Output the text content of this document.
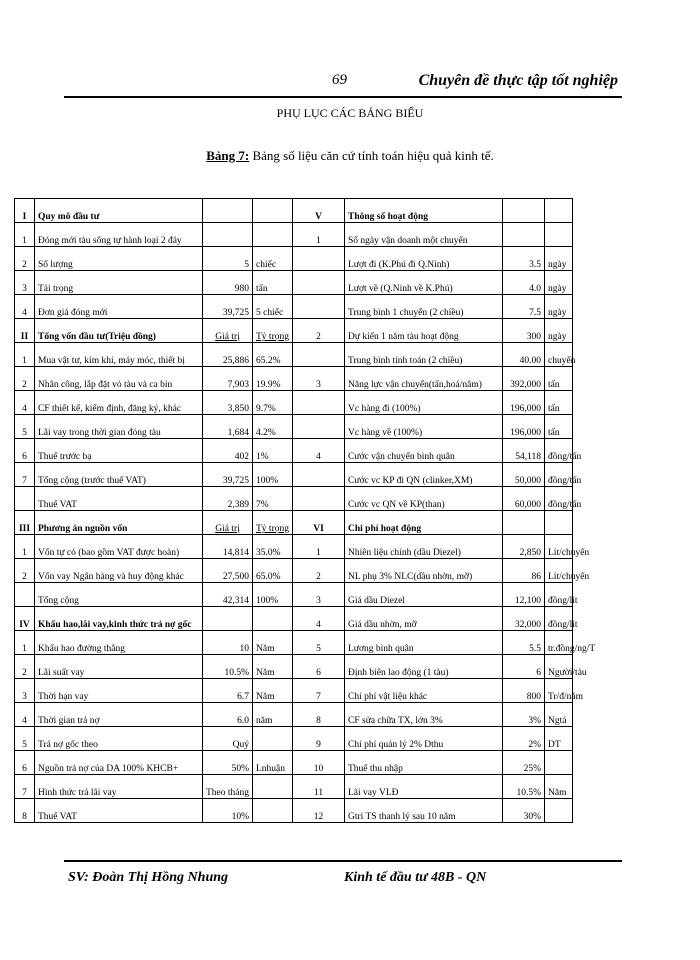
69	Chuyên đề thực tập tốt nghiệp
PHỤ LỤC CÁC BẢNG BIỂU
Bảng 7: Bảng số liệu căn cứ tính toán hiệu quả kinh tế.
I	Quy mô đầu tư			V	Thông số hoạt động		
1	Đóng mới tàu sông tự hành loại 2 đáy			1	Số ngày vận doanh một chuyến		
2	Số lượng	5	chiếc		Lượt đi (K.Phú đi Q.Ninh)	3.5	ngày
3	Tải trọng	980	tấn		Lượt về (Q.Ninh về K.Phú)	4.0	ngày
4	Đơn giá đóng mới	39,725	5 chiếc		Trung bình 1 chuyến (2 chiều)	7.5	ngày
II	Tổng vốn đầu tư(Triệu đồng)	Giá trị	Tỷ trọng	2	Dự kiến 1 năm tàu hoạt động	300	ngày
1	Mua vật tư, kim khí, máy móc, thiết bị	25,886	65.2%		Trung bình tính toán (2 chiều)	40.00	chuyến
2	Nhân công, lắp đặt vỏ tàu và ca bin	7,903	19.9%	3	Năng lực vận chuyển(tấn,hoá/năm)	392,000	tấn
4	CF thiết kế, kiểm định, đăng ký, khác	3,850	9.7%		Vc hàng đi (100%)	196,000	tấn
5	Lãi vay trong thời gian đóng tàu	1,684	4.2%		Vc hàng về (100%)	196,000	tấn
6	Thuế trước bạ	402	1%	4	Cước vận chuyển bình quân	54,118	đồng/tấn
7	Tổng cộng (trước thuế VAT)	39,725	100%		Cước vc KP đi QN (clinker,XM)	50,000	đồng/tấn
	Thuế VAT	2,389	7%		Cước vc QN về KP(than)	60,000	đồng/tấn
III	Phương án nguồn vốn	Giá trị	Tỷ trọng	VI	Chi phí hoạt động		
1	Vốn tự có (bao gồm VAT được hoàn)	14,814	35.0%	1	Nhiên liệu chính (dầu Diezel)	2,850	Lít/chuyến
2	Vốn vay Ngân hàng và huy động khác	27,500	65.0%	2	NL phụ 3% NLC(dầu nhờn, mỡ)	86	Lít/chuyến
	Tổng cộng	42,314	100%	3	Giá dầu Diezel	12,100	đồng/lít
IV	Khấu hao,lãi vay,kinh thức trả nợ gốc			4	Giá dầu nhờn, mỡ	32,000	đồng/lít
1	Khấu hao đường thẳng	10	Năm	5	Lương bình quân	5.5	tr.đồng/ng/T
2	Lãi suất vay	10.5%	Năm	6	Định biên lao động (1 tàu)	6	Người/tàu
3	Thời hạn vay	6.7	Năm	7	Chi phí vật liệu khác	800	Tr/đ/năm
4	Thời gian trả nợ	6.0	năm	8	CF sửa chữa TX, lớn 3%	3%	Ngtá
5	Trả nợ gốc theo	Quý		9	Chi phí quản lý 2% Dthu	2%	DT
6	Nguồn trả nợ của DA 100% KHCB+	50%	Lnhuận	10	Thuế thu nhập	25%	
7	Hình thức trả lãi vay	Theo tháng		11	Lãi vay VLĐ	10.5%	Năm
8	Thuế VAT	10%		12	Gtri TS thanh lý sau 10 năm	30%	
SV: Đoàn Thị Hồng Nhung	Kinh tế đầu tư 48B - QN
